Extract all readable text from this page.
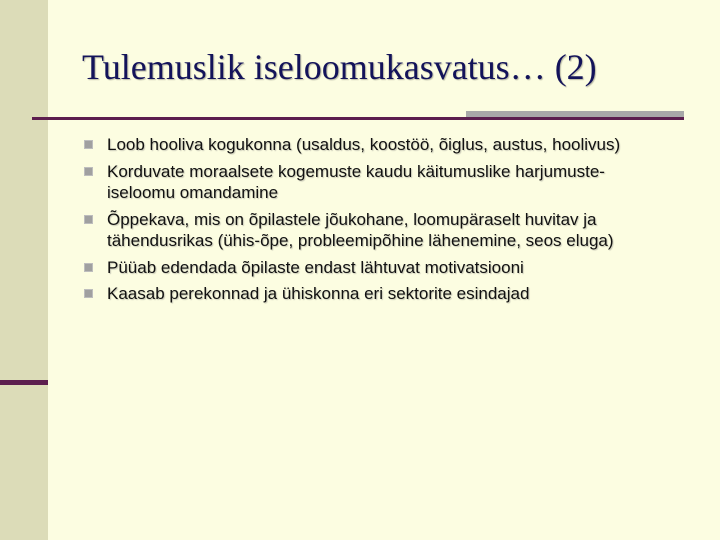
Tulemuslik iseloomukasvatus… (2)
Loob hooliva kogukonna (usaldus, koostöö, õiglus, austus, hoolivus)
Korduvate moraalsete kogemuste kaudu käitumuslike harjumuste-iseloomu omandamine
Õppekava, mis on õpilastele jõukohane, loomupäraselt huvitav ja tähendusrikas (ühis-õpe, probleemipõhine lähenemine, seos eluga)
Püüab edendada õpilaste endast lähtuvat motivatsiooni
Kaasab perekonnad ja ühiskonna eri sektorite esindajad
